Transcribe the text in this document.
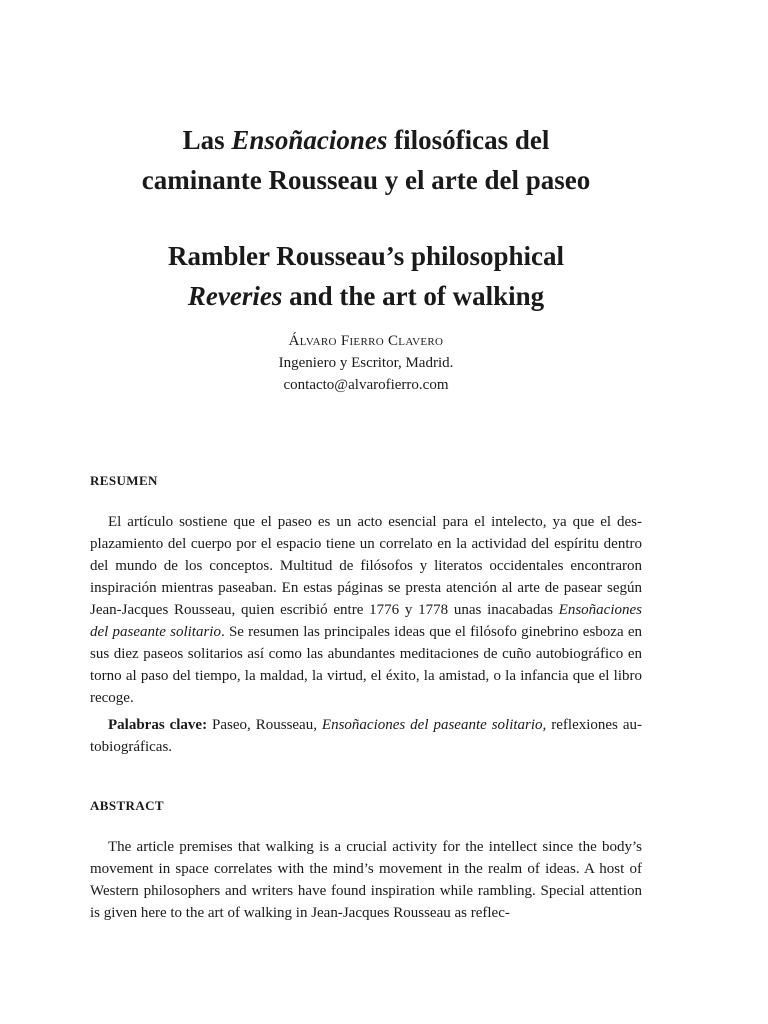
Las Ensoñaciones filosóficas del
caminante Rousseau y el arte del paseo
Rambler Rousseau’s philosophical
Reveries and the art of walking
Álvaro Fierro Clavero
Ingeniero y Escritor, Madrid.
contacto@alvarofierro.com
RESUMEN

El artículo sostiene que el paseo es un acto esencial para el intelecto, ya que el desplazamiento del cuerpo por el espacio tiene un correlato en la actividad del espíritu dentro del mundo de los conceptos. Multitud de filósofos y literatos occidentales encontraron inspiración mientras paseaban. En estas páginas se presta atención al arte de pasear según Jean-Jacques Rousseau, quien escribió entre 1776 y 1778 unas inacabadas Ensoñaciones del paseante solitario. Se resumen las principales ideas que el filósofo ginebrino esboza en sus diez paseos solitarios así como las abundantes meditaciones de cuño autobiográfico en torno al paso del tiempo, la maldad, la virtud, el éxito, la amistad, o la infancia que el libro recoge.

Palabras clave: Paseo, Rousseau, Ensoñaciones del paseante solitario, reflexiones autobiográficas.

ABSTRACT

The article premises that walking is a crucial activity for the intellect since the body’s movement in space correlates with the mind’s movement in the realm of ideas. A host of Western philosophers and writers have found inspiration while rambling. Special attention is given here to the art of walking in Jean-Jacques Rousseau as reflec-
